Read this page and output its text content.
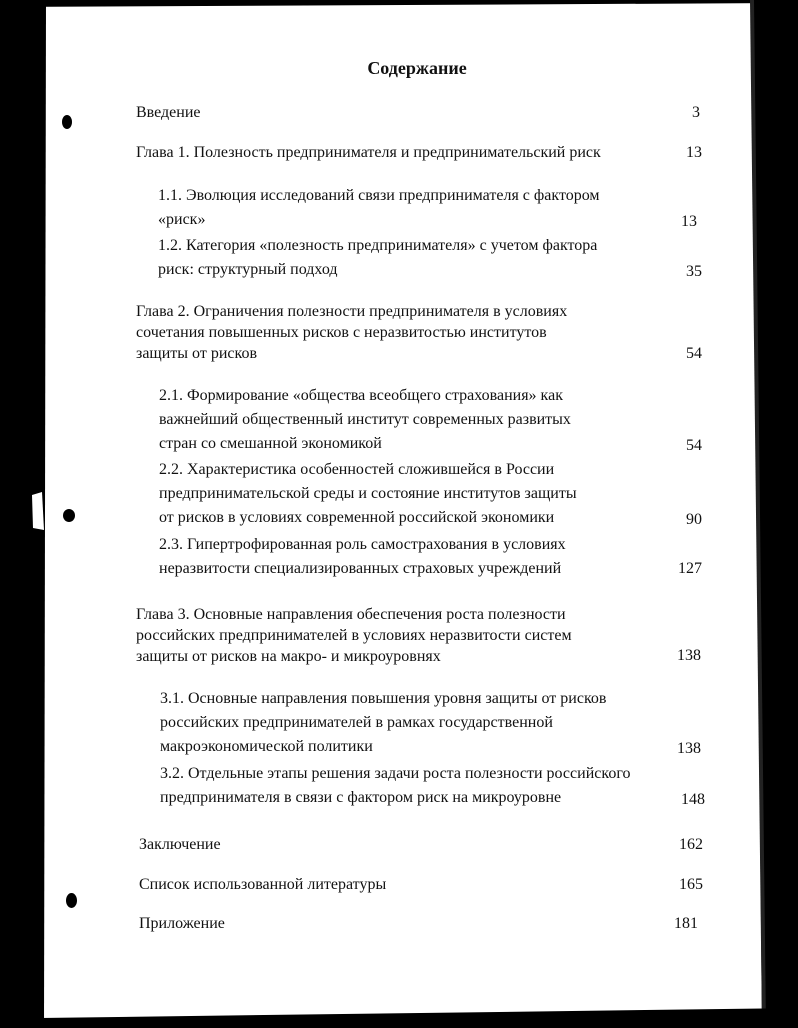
Содержание
Введение	3
Глава 1. Полезность предпринимателя и предпринимательский риск	13
1.1. Эволюция исследований связи предпринимателя с фактором
«риск»	13
1.2. Категория «полезность предпринимателя» с учетом фактора
риск: структурный подход	35
Глава 2. Ограничения полезности предпринимателя в условиях
сочетания повышенных рисков с неразвитостью институтов
защиты от рисков	54
2.1. Формирование «общества всеобщего страхования» как
важнейший общественный институт современных развитых
стран со смешанной экономикой	54
2.2. Характеристика особенностей сложившейся в России
предпринимательской среды и состояние институтов защиты
от рисков в условиях современной российской экономики	90
2.3. Гипертрофированная роль самострахования в условиях
неразвитости специализированных страховых учреждений	127
Глава 3. Основные направления обеспечения роста полезности
российских предпринимателей в условиях неразвитости систем
защиты от рисков на макро- и микроуровнях	138
3.1. Основные направления повышения уровня защиты от рисков
российских предпринимателей в рамках государственной
макроэкономической политики	138
3.2. Отдельные этапы решения задачи роста полезности российского
предпринимателя в связи с фактором риск на микроуровне	148
Заключение	162
Список использованной литературы	165
Приложение	181
